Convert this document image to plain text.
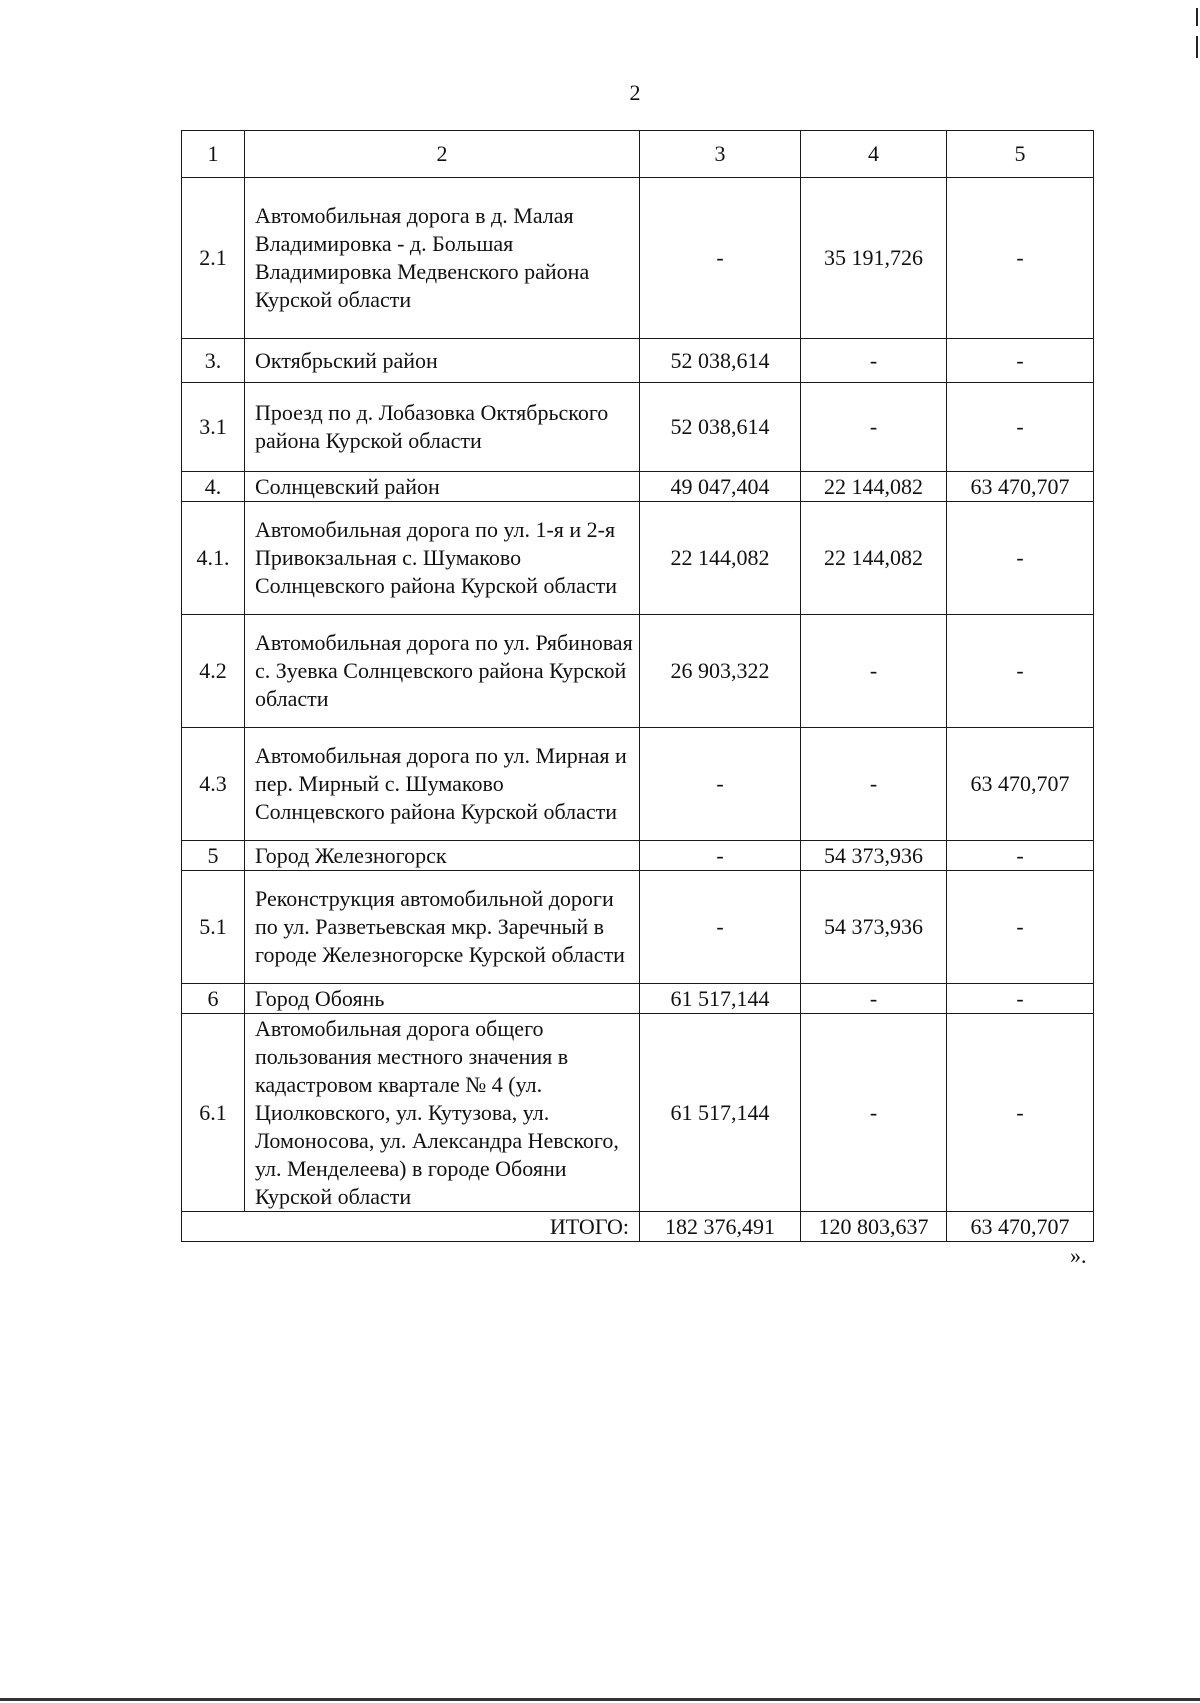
2
1	2	3	4	5
2.1	Автомобильная дорога в д. Малая Владимировка - д. Большая Владимировка Медвенского района Курской области	-	35 191,726	-
3.	Октябрьский район	52 038,614	-	-
3.1	Проезд по д. Лобазовка Октябрьского района Курской области	52 038,614	-	-
4.	Солнцевский район	49 047,404	22 144,082	63 470,707
4.1.	Автомобильная дорога по ул. 1-я и 2-я Привокзальная с. Шумаково Солнцевского района Курской области	22 144,082	22 144,082	-
4.2	Автомобильная дорога по ул. Рябиновая с. Зуевка Солнцевского района Курской области	26 903,322	-	-
4.3	Автомобильная дорога по ул. Мирная и пер. Мирный с. Шумаково Солнцевского района Курской области	-	-	63 470,707
5	Город Железногорск	-	54 373,936	-
5.1	Реконструкция автомобильной дороги по ул. Разветьевская мкр. Заречный в городе Железногорске Курской области	-	54 373,936	-
6	Город Обоянь	61 517,144	-	-
6.1	Автомобильная дорога общего пользования местного значения в кадастровом квартале № 4 (ул. Циолковского, ул. Кутузова, ул. Ломоносова, ул. Александра Невского, ул. Менделеева) в городе Обояни Курской области	61 517,144	-	-
ИТОГО:		182 376,491	120 803,637	63 470,707
».
